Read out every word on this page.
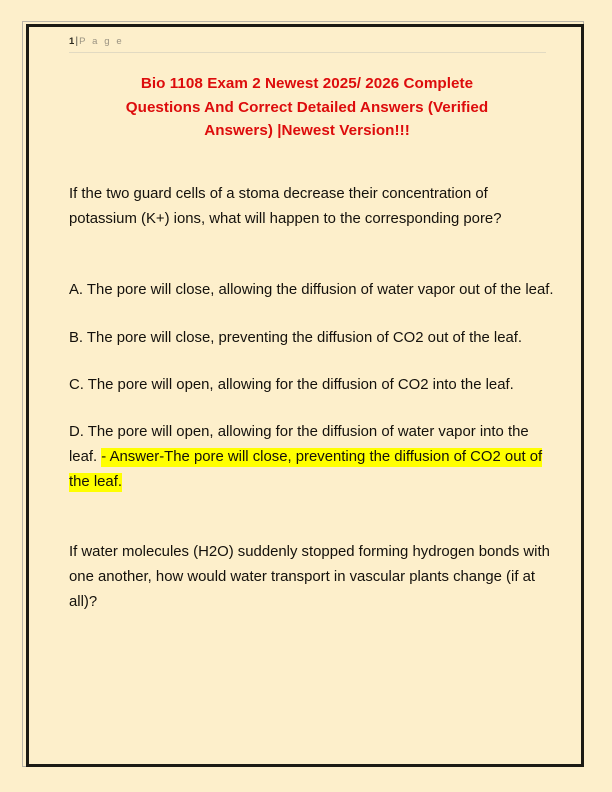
1|P a g e
Bio 1108 Exam 2 Newest 2025/ 2026 Complete
Questions And Correct Detailed Answers (Verified
Answers) |Newest Version!!!

If the two guard cells of a stoma decrease their concentration of potassium (K+) ions, what will happen to the corresponding pore?

A. The pore will close, allowing the diffusion of water vapor out of the leaf.

B. The pore will close, preventing the diffusion of CO2 out of the leaf.

C. The pore will open, allowing for the diffusion of CO2 into the leaf.

D. The pore will open, allowing for the diffusion of water vapor into the leaf. - Answer-The pore will close, preventing the diffusion of CO2 out of the leaf.

If water molecules (H2O) suddenly stopped forming hydrogen bonds with one another, how would water transport in vascular plants change (if at all)?
